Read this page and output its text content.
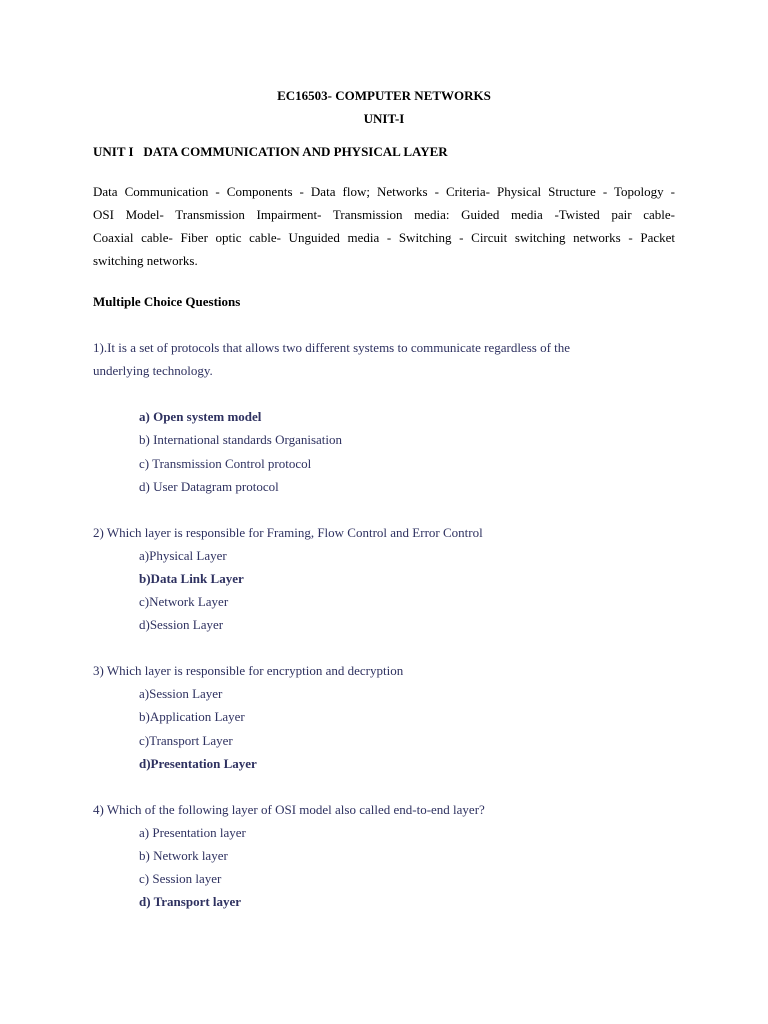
EC16503- COMPUTER NETWORKS
UNIT-I
UNIT I   DATA COMMUNICATION AND PHYSICAL LAYER
Data Communication - Components - Data flow; Networks - Criteria- Physical Structure - Topology -
OSI Model- Transmission Impairment- Transmission media: Guided media -Twisted pair cable-
Coaxial cable- Fiber optic cable- Unguided media - Switching - Circuit switching networks - Packet
switching networks.
Multiple Choice Questions
1).It is a set of protocols that allows two different systems to communicate regardless of the
underlying technology.
a) Open system model
b) International standards Organisation
c) Transmission Control protocol
d) User Datagram protocol
2) Which layer is responsible for Framing, Flow Control and Error Control
a)Physical Layer
b)Data Link Layer
c)Network Layer
d)Session Layer
3) Which layer is responsible for encryption and decryption
a)Session Layer
b)Application Layer
c)Transport Layer
d)Presentation Layer
4) Which of the following layer of OSI model also called end-to-end layer?
a) Presentation layer
b) Network layer
c) Session layer
d) Transport layer
